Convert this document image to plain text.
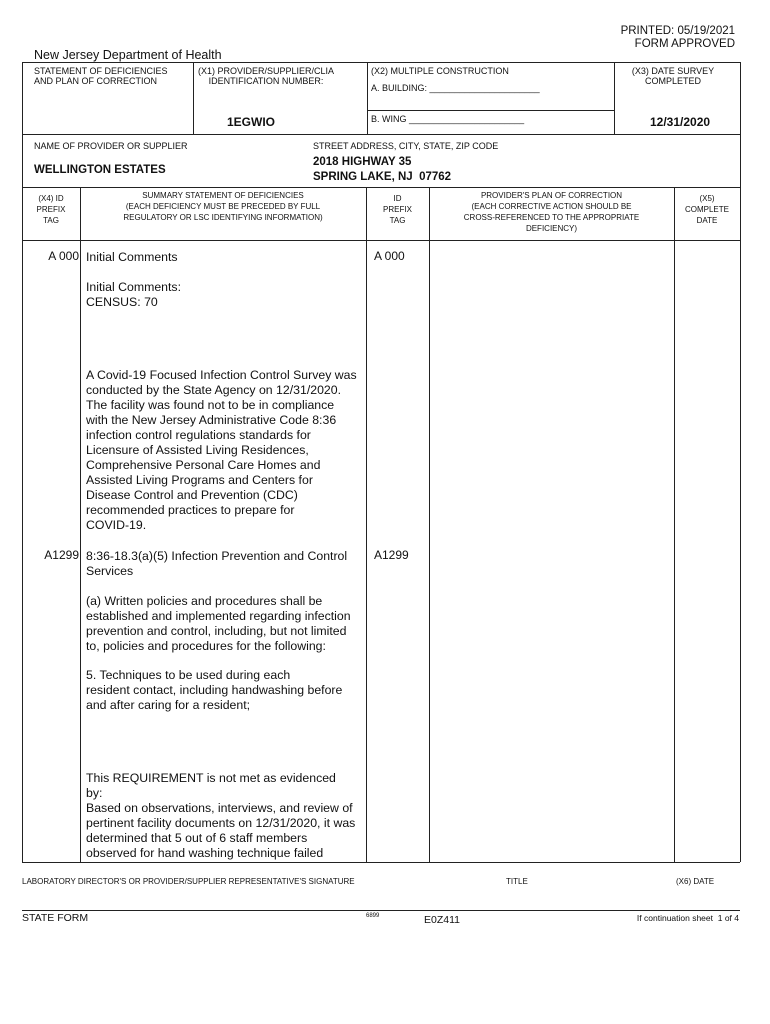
PRINTED: 05/19/2021
FORM APPROVED
New Jersey Department of Health
STATEMENT OF DEFICIENCIES
AND PLAN OF CORRECTION
(X1) PROVIDER/SUPPLIER/CLIA
IDENTIFICATION NUMBER:
1EGWIO
(X2) MULTIPLE CONSTRUCTION
A. BUILDING: ______________________
B. WING _______________________
(X3) DATE SURVEY
COMPLETED
12/31/2020
NAME OF PROVIDER OR SUPPLIER
WELLINGTON ESTATES
STREET ADDRESS, CITY, STATE, ZIP CODE
2018 HIGHWAY 35
SPRING LAKE, NJ  07762
(X4) ID
PREFIX
TAG
SUMMARY STATEMENT OF DEFICIENCIES
(EACH DEFICIENCY MUST BE PRECEDED BY FULL
REGULATORY OR LSC IDENTIFYING INFORMATION)
ID
PREFIX
TAG
PROVIDER'S PLAN OF CORRECTION
(EACH CORRECTIVE ACTION SHOULD BE
CROSS-REFERENCED TO THE APPROPRIATE
DEFICIENCY)
(X5)
COMPLETE
DATE
A 000	A 000
Initial Comments
Initial Comments:
CENSUS: 70
A Covid-19 Focused Infection Control Survey was
conducted by the State Agency on 12/31/2020.
The facility was found not to be in compliance
with the New Jersey Administrative Code 8:36
infection control regulations standards for
Licensure of Assisted Living Residences,
Comprehensive Personal Care Homes and
Assisted Living Programs and Centers for
Disease Control and Prevention (CDC)
recommended practices to prepare for
COVID-19.
A1299	A1299
8:36-18.3(a)(5) Infection Prevention and Control
Services
(a) Written policies and procedures shall be
established and implemented regarding infection
prevention and control, including, but not limited
to, policies and procedures for the following:
5. Techniques to be used during each
resident contact, including handwashing before
and after caring for a resident;
This REQUIREMENT is not met as evidenced
by:
Based on observations, interviews, and review of
pertinent facility documents on 12/31/2020, it was
determined that 5 out of 6 staff members
observed for hand washing technique failed
LABORATORY DIRECTOR'S OR PROVIDER/SUPPLIER REPRESENTATIVE'S SIGNATURE	TITLE	(X6) DATE
STATE FORM	6899	E0Z411	If continuation sheet  1 of 4
